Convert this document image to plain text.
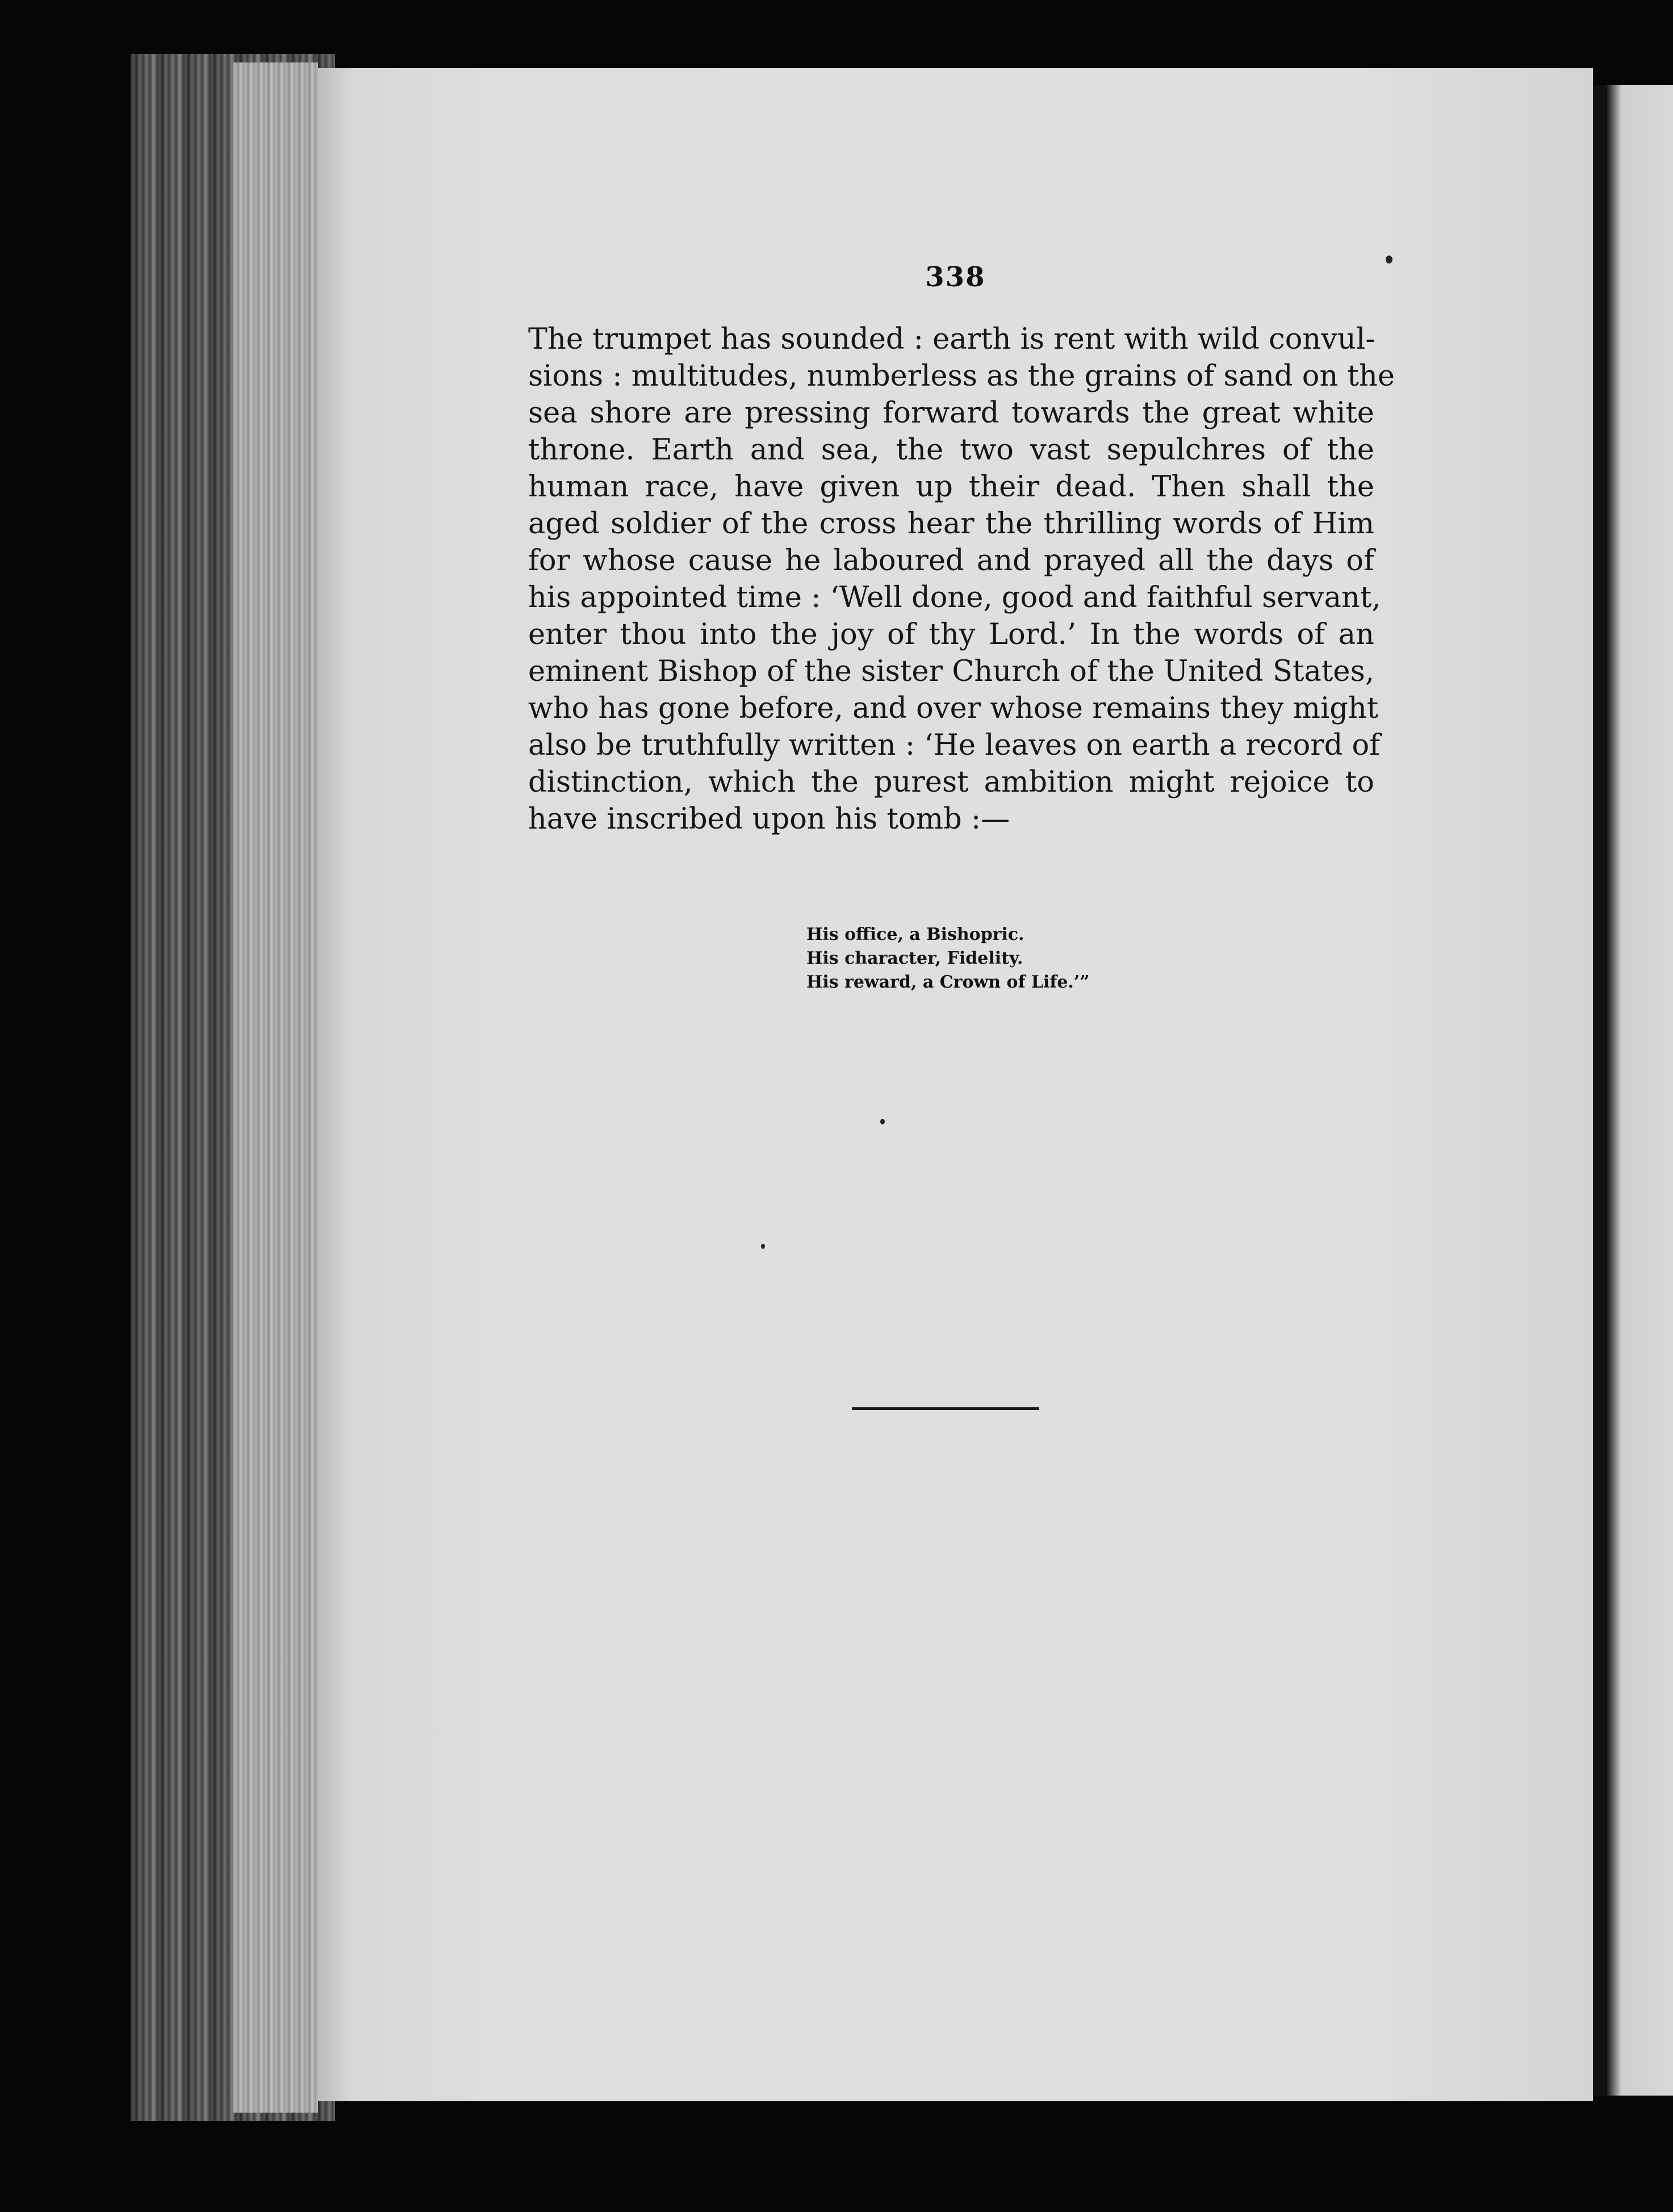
338
The trumpet has sounded : earth is rent with wild convul-
sions : multitudes, numberless as the grains of sand on the
sea shore are pressing forward towards the great white
throne. Earth and sea, the two vast sepulchres of the
human race, have given up their dead. Then shall the
aged soldier of the cross hear the thrilling words of Him
for whose cause he laboured and prayed all the days of
his appointed time : ‘Well done, good and faithful servant,
enter thou into the joy of thy Lord.’ In the words of an
eminent Bishop of the sister Church of the United States,
who has gone before, and over whose remains they might
also be truthfully written : ‘He leaves on earth a record of
distinction, which the purest ambition might rejoice to
have inscribed upon his tomb :—
His office, a Bishopric.
His character, Fidelity.
His reward, a Crown of Life.’”
